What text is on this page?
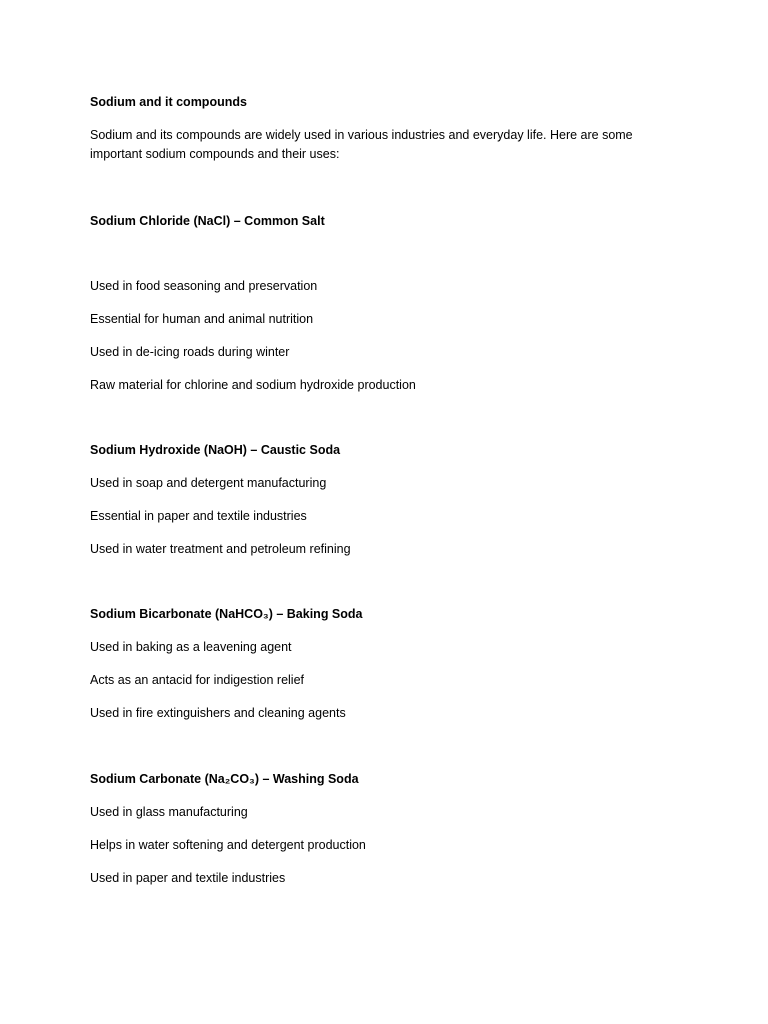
Sodium and it compounds
Sodium and its compounds are widely used in various industries and everyday life. Here are some
important sodium compounds and their uses:
Sodium Chloride (NaCl) – Common Salt
Used in food seasoning and preservation
Essential for human and animal nutrition
Used in de-icing roads during winter
Raw material for chlorine and sodium hydroxide production
Sodium Hydroxide (NaOH) – Caustic Soda
Used in soap and detergent manufacturing
Essential in paper and textile industries
Used in water treatment and petroleum refining
Sodium Bicarbonate (NaHCO₃) – Baking Soda
Used in baking as a leavening agent
Acts as an antacid for indigestion relief
Used in fire extinguishers and cleaning agents
Sodium Carbonate (Na₂CO₃) – Washing Soda
Used in glass manufacturing
Helps in water softening and detergent production
Used in paper and textile industries
